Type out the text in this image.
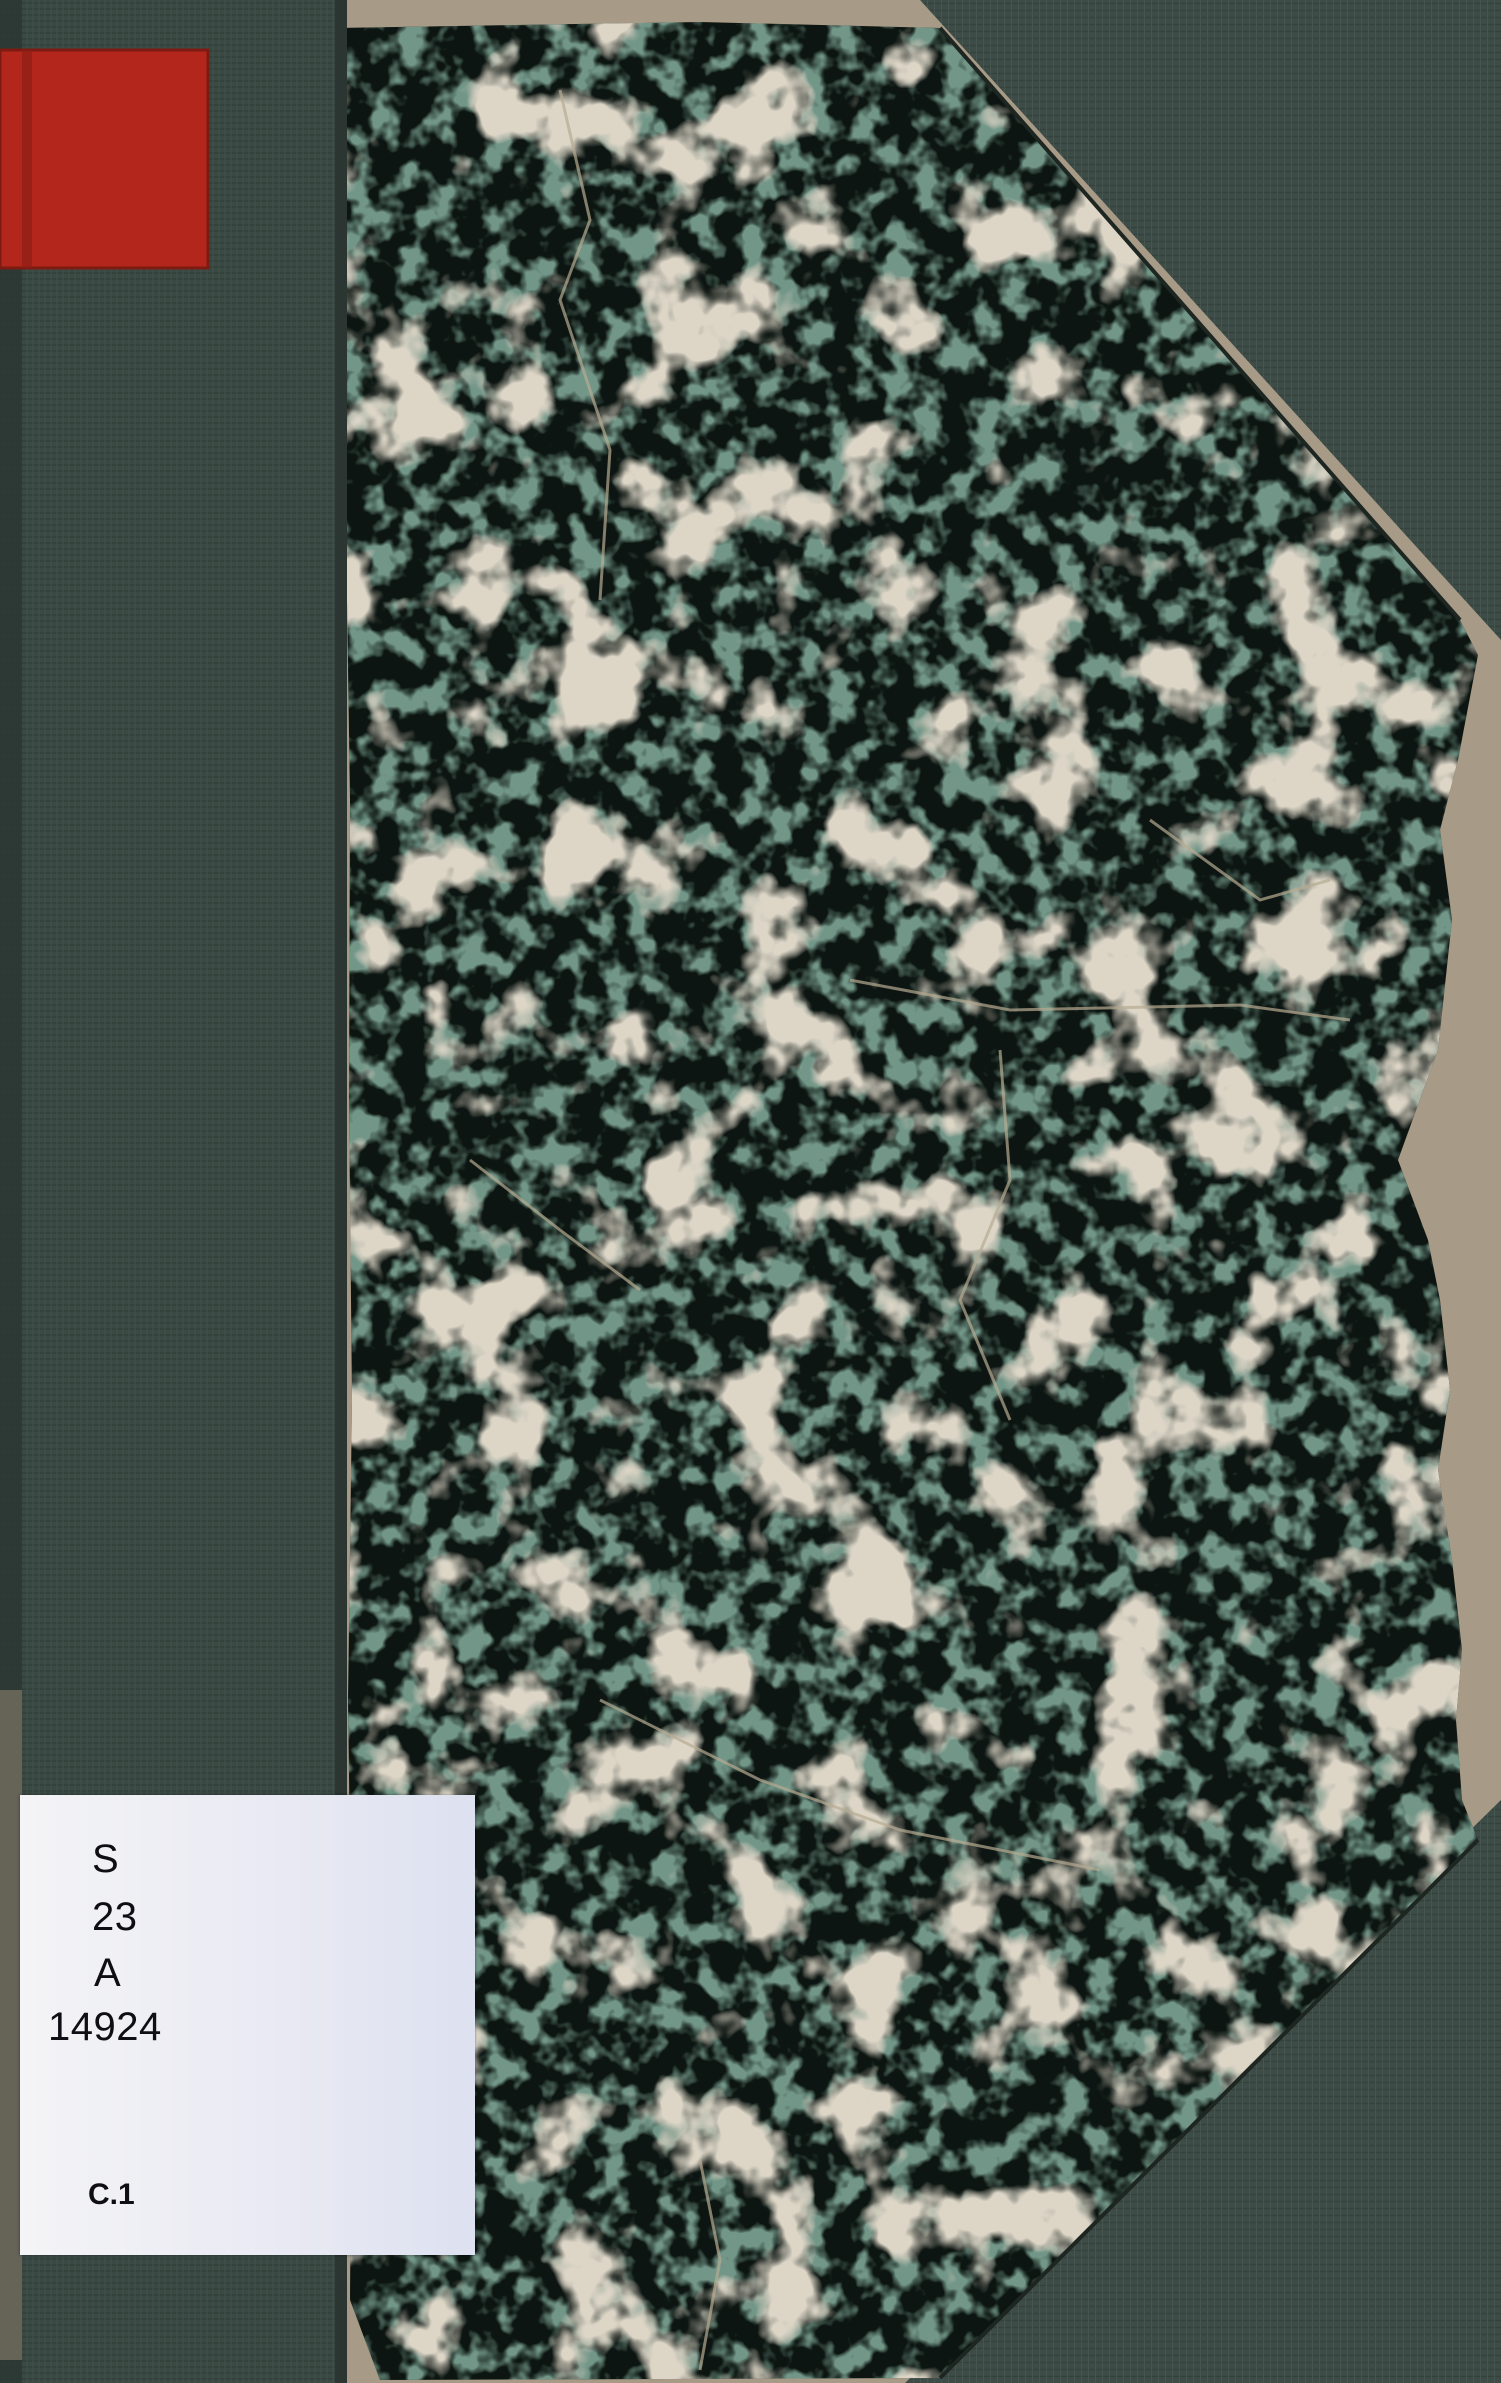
S

23

A

14924

C.1
